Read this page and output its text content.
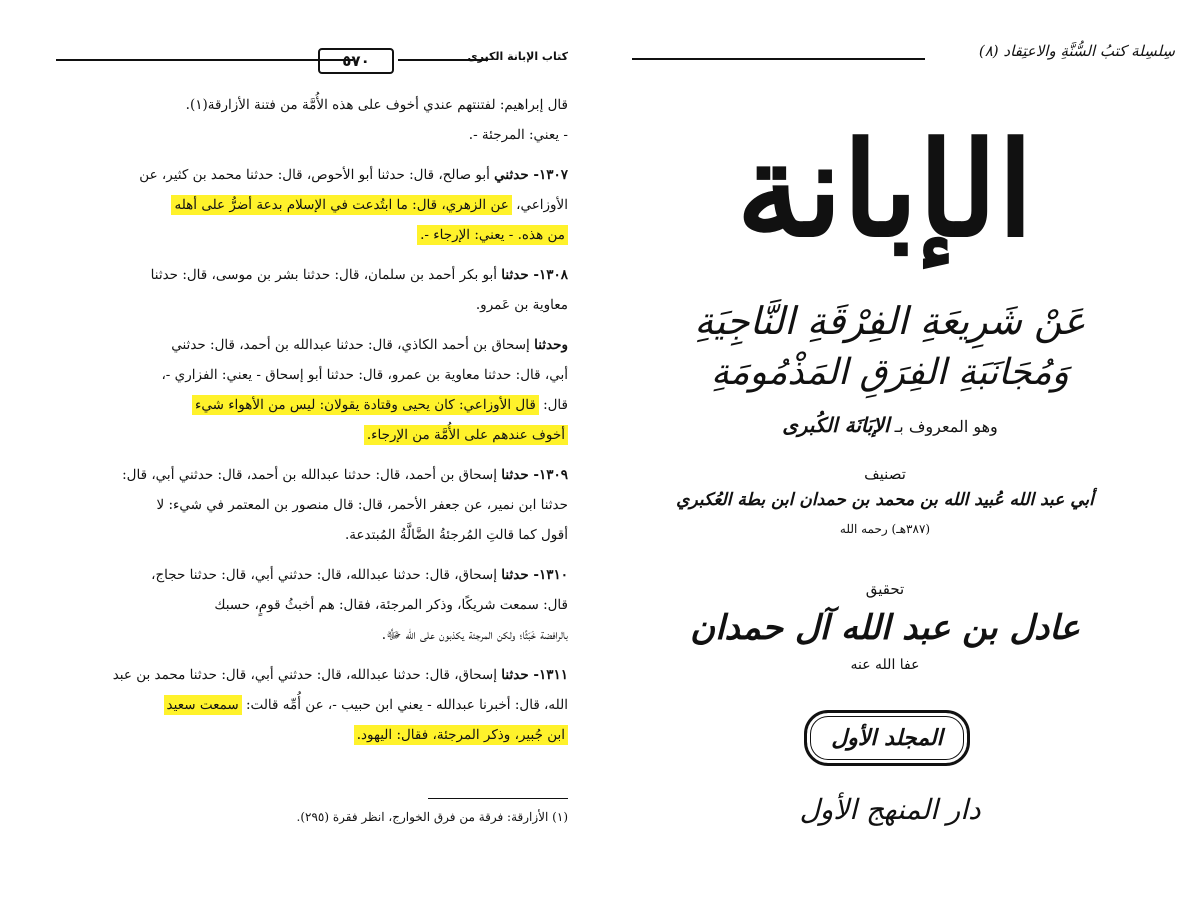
كتاب الإبانة الكبرى
٥٧٠
قال إبراهيم: لفتنتهم عندي أخوف على هذه الأُمَّة من فتنة الأزارقة(١).
- يعني: المرجئة -.
١٣٠٧- حدثني أبو صالح، قال: حدثنا أبو الأحوص، قال: حدثنا محمد بن كثير، عن
الأوزاعي، عن الزهري، قال: ما ابتُدعت في الإسلام بدعة أضرُّ على أهله
من هذه. - يعني: الإرجاء -.
١٣٠٨- حدثنا أبو بكر أحمد بن سلمان، قال: حدثنا بشر بن موسى، قال: حدثنا
معاوية بن عَمرو.
وحدثنا إسحاق بن أحمد الكاذي، قال: حدثنا عبدالله بن أحمد، قال: حدثني
أبي، قال: حدثنا معاوية بن عمرو، قال: حدثنا أبو إسحاق - يعني: الفزاري -،
قال: قال الأوزاعي: كان يحيى وقتادة يقولان: ليس من الأهواء شيء
أخوف عندهم على الأُمَّة من الإرجاء.
١٣٠٩- حدثنا إسحاق بن أحمد، قال: حدثنا عبدالله بن أحمد، قال: حدثني أبي، قال:
حدثنا ابن نمير، عن جعفر الأحمر، قال: قال منصور بن المعتمر في شيء: لا
أقول كما قالتِ المُرجئةُ الضَّالَّةُ المُبتدعة.
١٣١٠- حدثنا إسحاق، قال: حدثنا عبدالله، قال: حدثني أبي، قال: حدثنا حجاج،
قال: سمعت شريكًا، وذكر المرجئة، فقال: هم أخبثُ قومٍ، حسبك
بالرافضة خَبَثًا؛ ولكن المرجئة يكذبون على الله ﷻ.
١٣١١- حدثنا إسحاق، قال: حدثنا عبدالله، قال: حدثني أبي، قال: حدثنا محمد بن عبد
الله، قال: أخبرنا عبدالله - يعني ابن حبيب -، عن أُمِّه قالت: سمعت سعيد
ابن جُبير، وذكر المرجئة، فقال: اليهود.
(١) الأزارقة: فرقة من فرق الخوارج، انظر فقرة (٢٩٥).
سِلسِلة كتبُ السُّنَّةِ والاعتِقاد (٨)
الإبانة
عَنْ شَرِيعَةِ الفِرْقَةِ النَّاجِيَةِ
وَمُجَانَبَةِ الفِرَقِ المَذْمُومَةِ
وهو المعروف بـ الإبَانَة الكُبرى
تصنيف
أبي عبد الله عُبيد الله بن محمد بن حمدان ابن بطة العُكبري
(٣٨٧هـ) رحمه الله
تحقيق
عادل بن عبد الله آل حمدان
عفا الله عنه
المجلد الأول
دار المنهج الأول
